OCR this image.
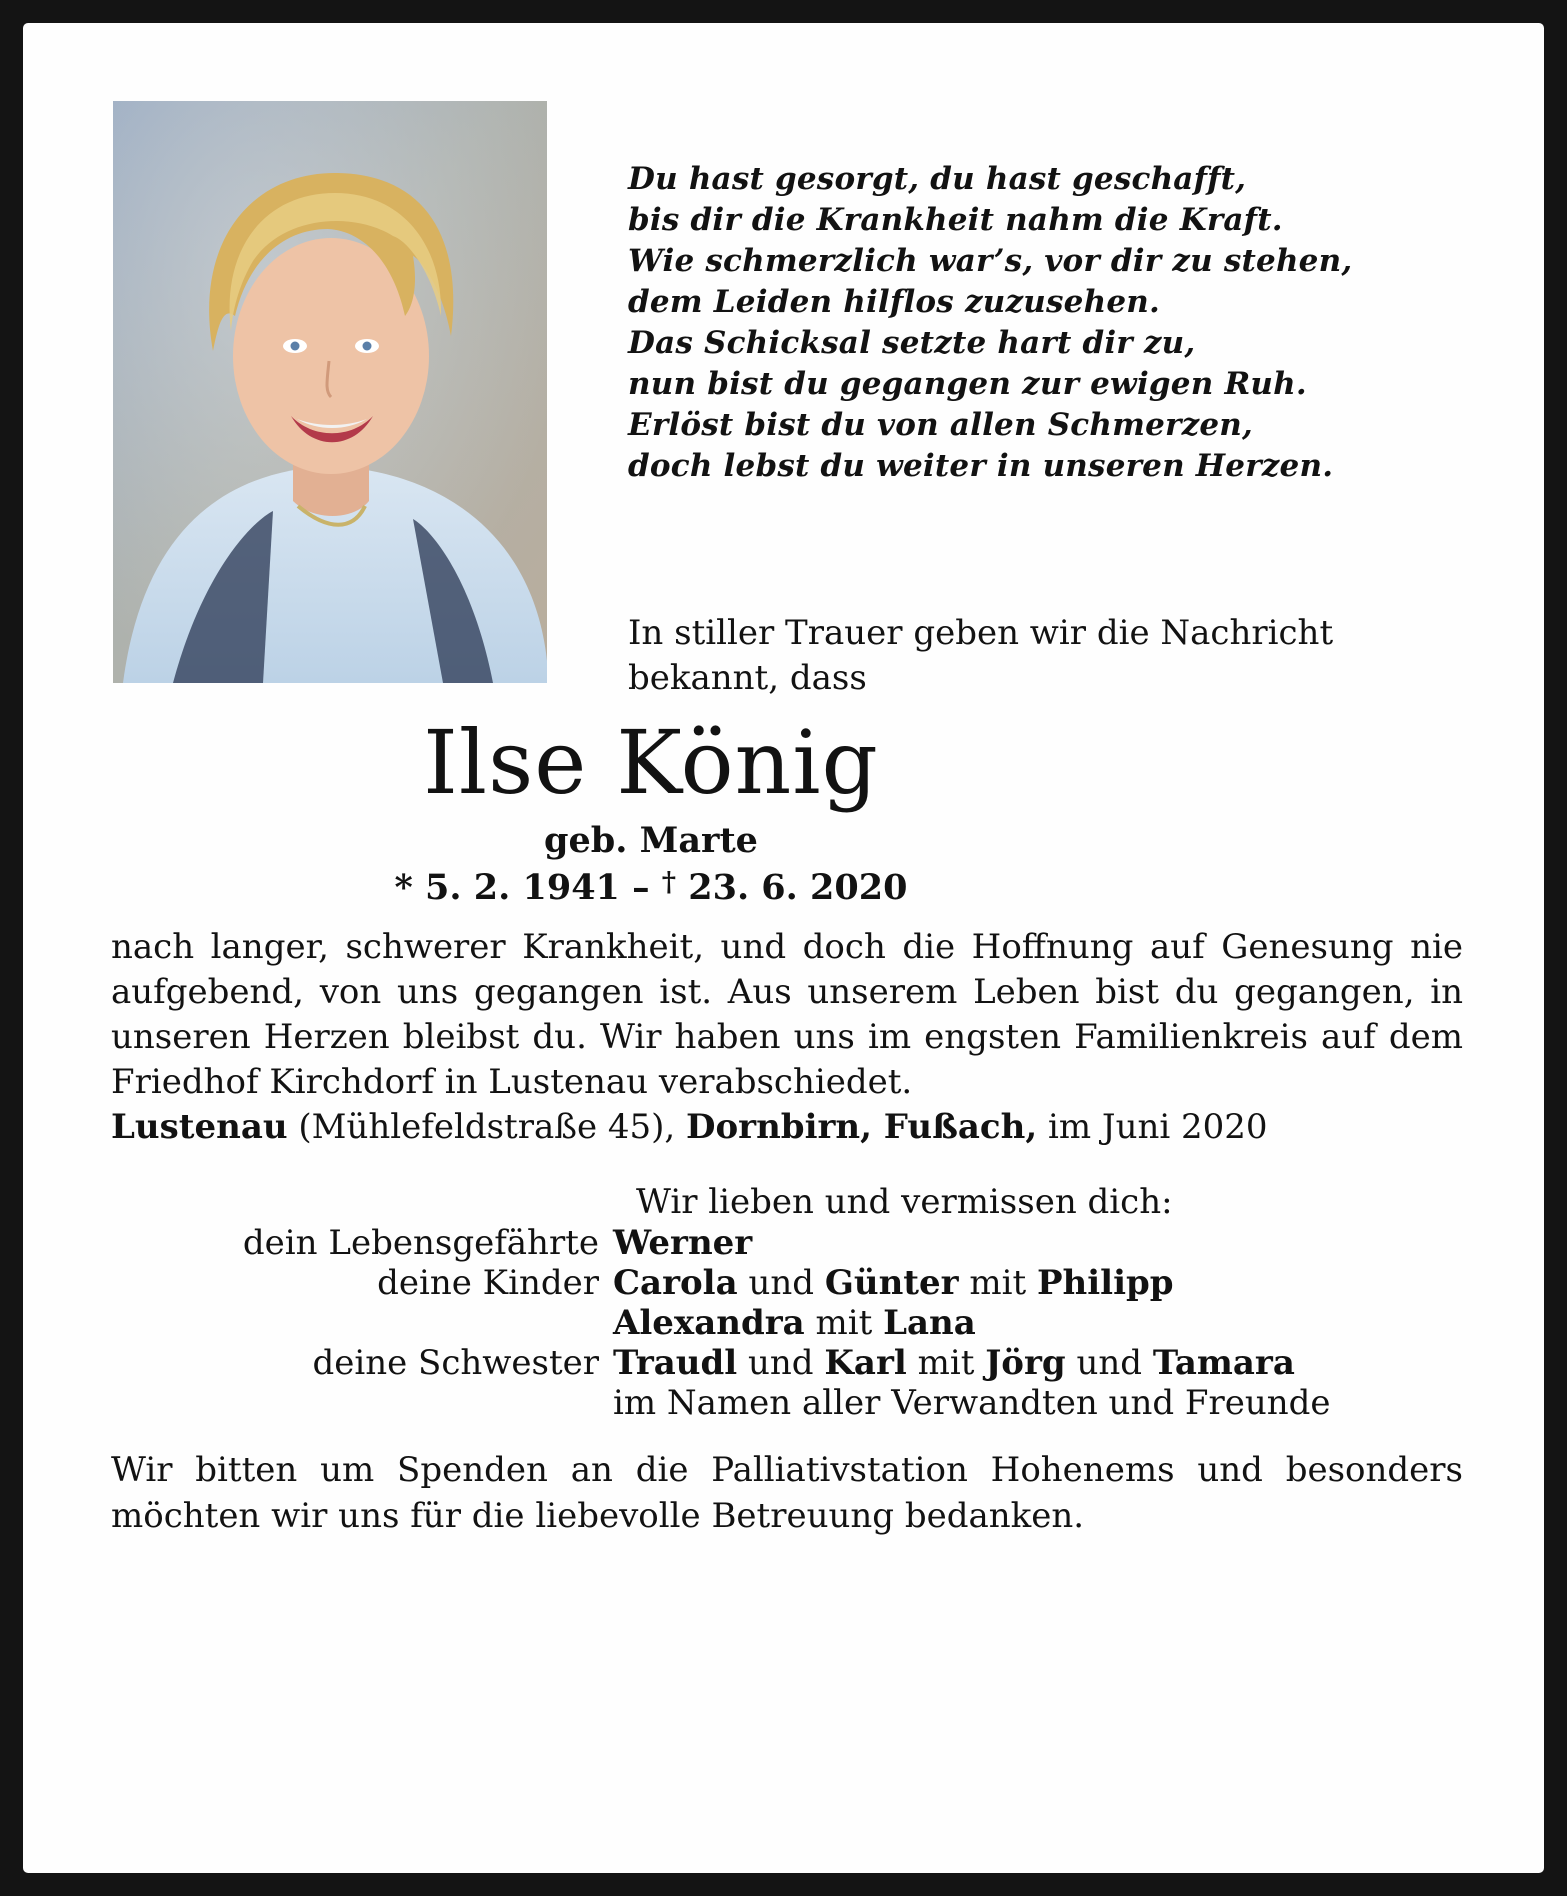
Du hast gesorgt, du hast geschafft,
bis dir die Krankheit nahm die Kraft.
Wie schmerzlich war’s, vor dir zu stehen,
dem Leiden hilflos zuzusehen.
Das Schicksal setzte hart dir zu,
nun bist du gegangen zur ewigen Ruh.
Erlöst bist du von allen Schmerzen,
doch lebst du weiter in unseren Herzen.
In stiller Trauer geben wir die Nachricht
bekannt, dass
Ilse König
geb. Marte
* 5. 2. 1941 – † 23. 6. 2020
nach langer, schwerer Krankheit, und doch die Hoffnung auf Genesung nie aufgebend, von uns gegangen ist. Aus unserem Leben bist du gegangen, in unseren Herzen bleibst du. Wir haben uns im engsten Familienkreis auf dem Friedhof Kirchdorf in Lustenau verabschiedet.
Lustenau (Mühlefeldstraße 45), Dornbirn, Fußach, im Juni 2020
Wir lieben und vermissen dich:
dein Lebensgefährte Werner
deine Kinder Carola und Günter mit Philipp
Alexandra mit Lana
deine Schwester Traudl und Karl mit Jörg und Tamara
im Namen aller Verwandten und Freunde
Wir bitten um Spenden an die Palliativstation Hohenems und besonders möchten wir uns für die liebevolle Betreuung bedanken.
